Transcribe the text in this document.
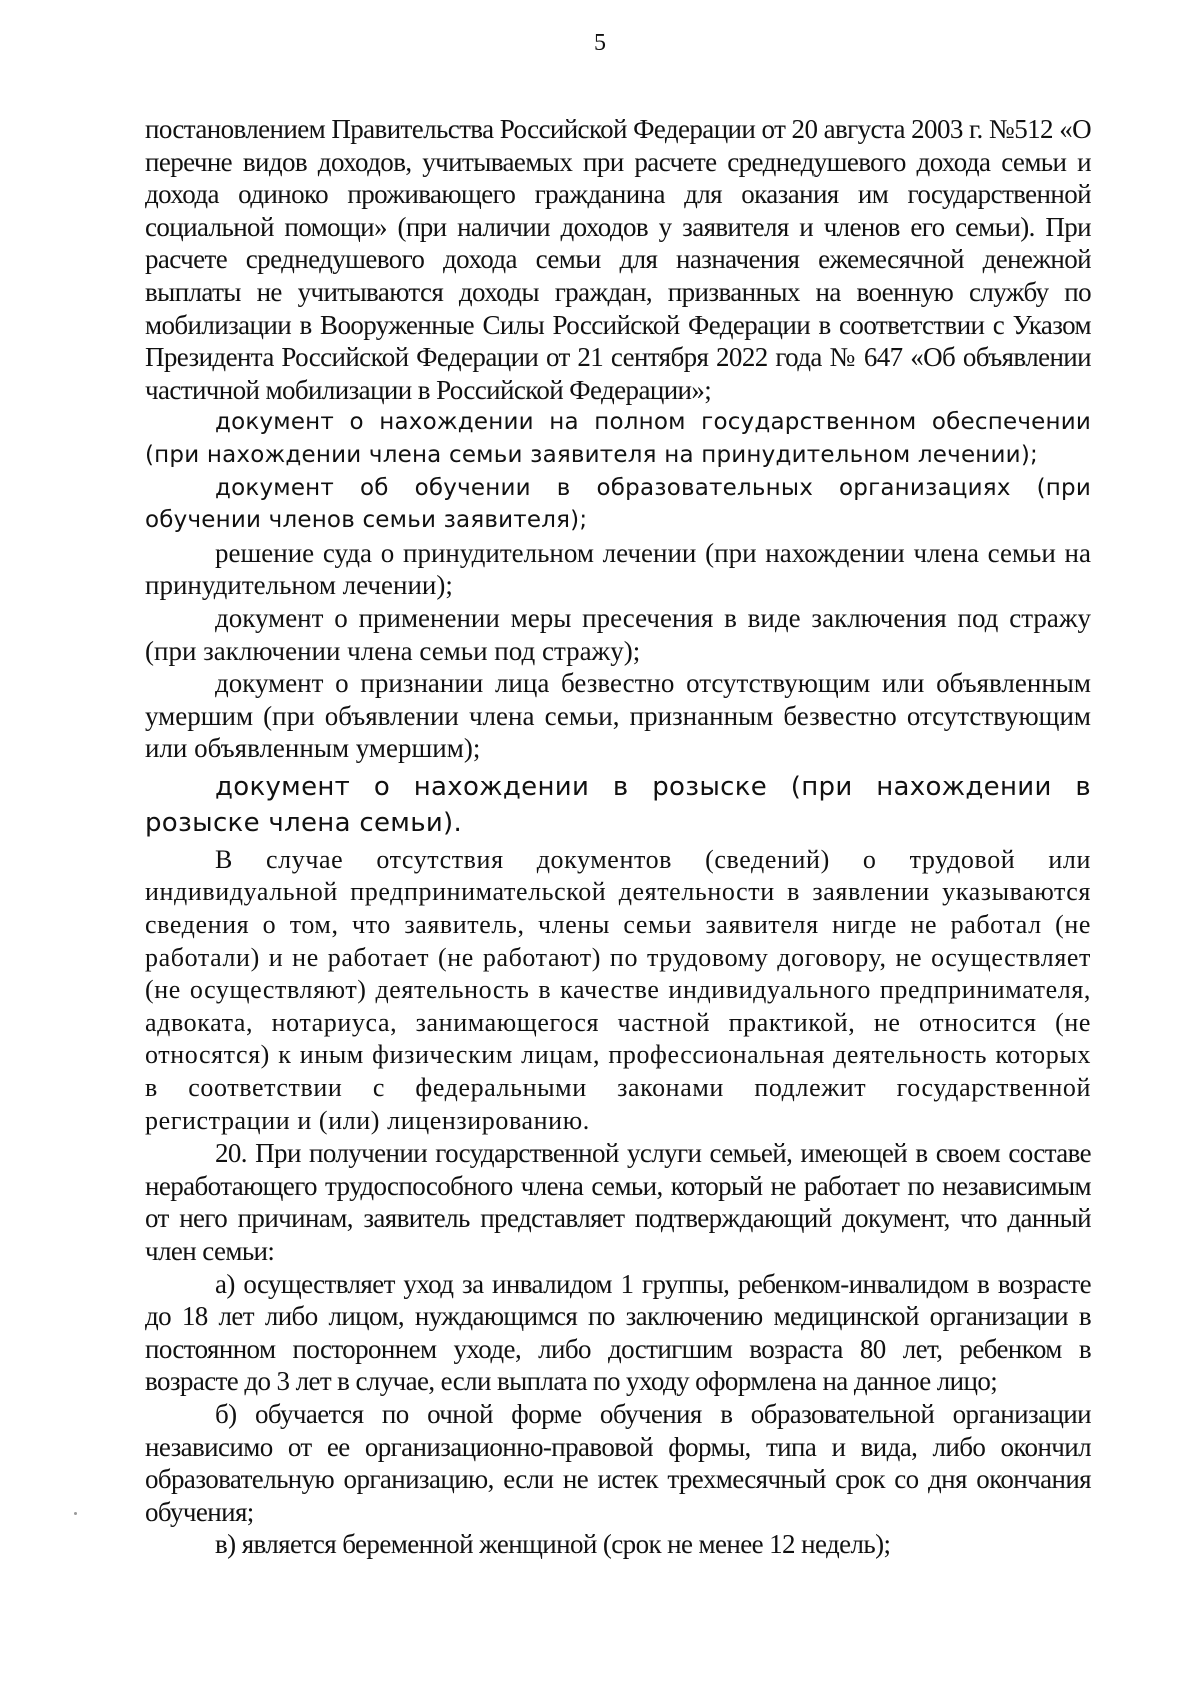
5

постановлением Правительства Российской Федерации от 20 августа 2003 г. №512 «О перечне видов доходов, учитываемых при расчете среднедушевого дохода семьи и дохода одиноко проживающего гражданина для оказания им государственной социальной помощи» (при наличии доходов у заявителя и членов его семьи). При расчете среднедушевого дохода семьи для назначения ежемесячной денежной выплаты не учитываются доходы граждан, призванных на военную службу по мобилизации в Вооруженные Силы Российской Федерации в соответствии с Указом Президента Российской Федерации от 21 сентября 2022 года № 647 «Об объявлении частичной мобилизации в Российской Федерации»;

документ о нахождении на полном государственном обеспечении (при нахождении члена семьи заявителя на принудительном лечении);

документ об обучении в образовательных организациях (при обучении членов семьи заявителя);

решение суда о принудительном лечении (при нахождении члена семьи на принудительном лечении);

документ о применении меры пресечения в виде заключения под стражу (при заключении члена семьи под стражу);

документ о признании лица безвестно отсутствующим или объявленным умершим (при объявлении члена семьи, признанным безвестно отсутствующим или объявленным умершим);

документ о нахождении в розыске (при нахождении в розыске члена семьи).

В случае отсутствия документов (сведений) о трудовой или индивидуальной предпринимательской деятельности в заявлении указываются сведения о том, что заявитель, члены семьи заявителя нигде не работал (не работали) и не работает (не работают) по трудовому договору, не осуществляет (не осуществляют) деятельность в качестве индивидуального предпринимателя, адвоката, нотариуса, занимающегося частной практикой, не относится (не относятся) к иным физическим лицам, профессиональная деятельность которых в соответствии с федеральными законами подлежит государственной регистрации и (или) лицензированию.

20. При получении государственной услуги семьей, имеющей в своем составе неработающего трудоспособного члена семьи, который не работает по независимым от него причинам, заявитель представляет подтверждающий документ, что данный член семьи:

а) осуществляет уход за инвалидом 1 группы, ребенком-инвалидом в возрасте до 18 лет либо лицом, нуждающимся по заключению медицинской организации в постоянном постороннем уходе, либо достигшим возраста 80 лет, ребенком в возрасте до 3 лет в случае, если выплата по уходу оформлена на данное лицо;

б) обучается по очной форме обучения в образовательной организации независимо от ее организационно-правовой формы, типа и вида, либо окончил образовательную организацию, если не истек трехмесячный срок со дня окончания обучения;

в) является беременной женщиной (срок не менее 12 недель);
